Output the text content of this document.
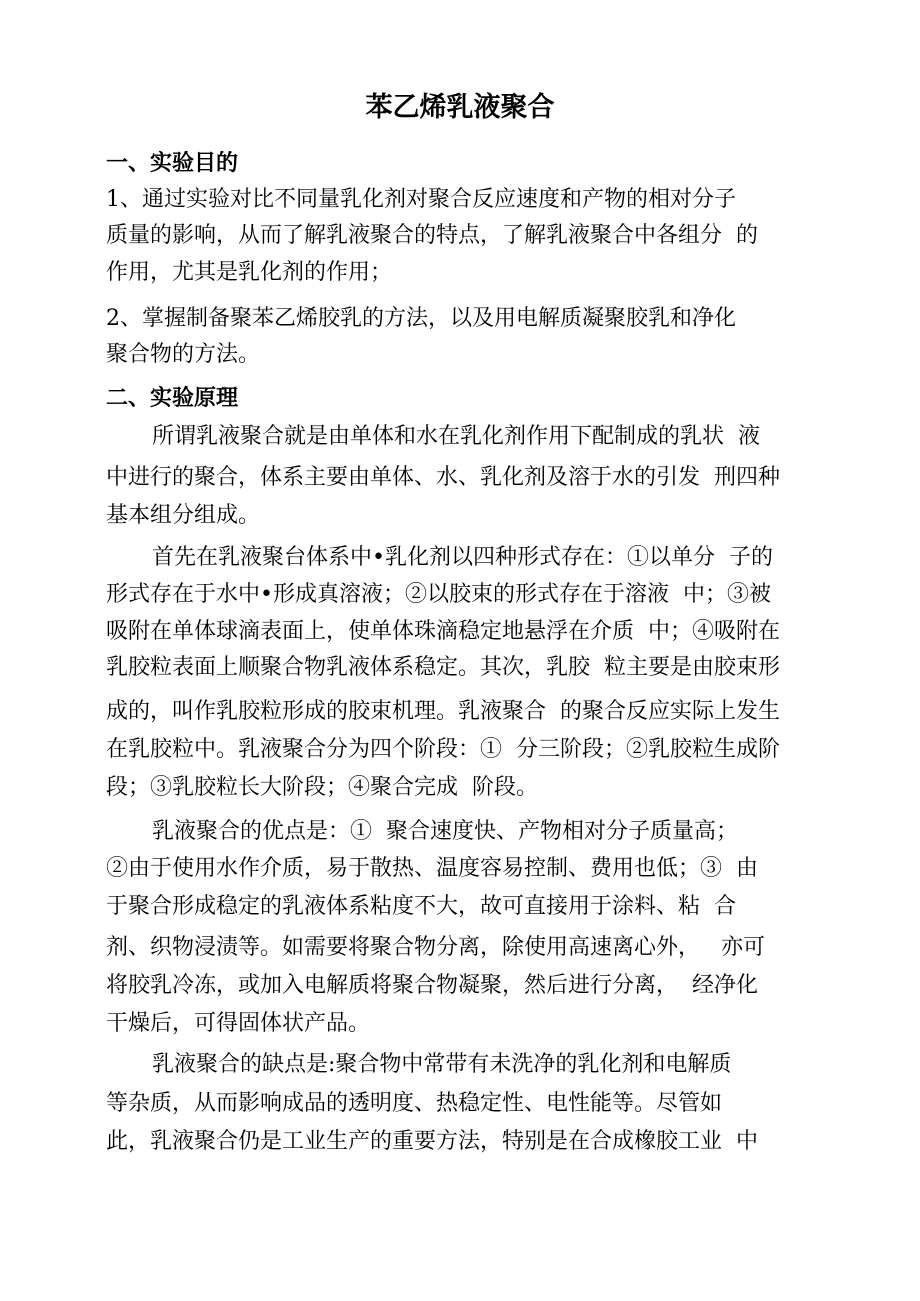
苯乙烯乳液聚合
一、实验目的
1、通过实验对比不同量乳化剂对聚合反应速度和产物的相对分子
质量的影响，从而了解乳液聚合的特点，了解乳液聚合中各组分  的
作用，尤其是乳化剂的作用；
2、掌握制备聚苯乙烯胶乳的方法，以及用电解质凝聚胶乳和净化
聚合物的方法。
二、实验原理
所谓乳液聚合就是由单体和水在乳化剂作用下配制成的乳状  液
中进行的聚合，体系主要由单体、水、乳化剂及溶于水的引发  刑四种
基本组分组成。
首先在乳液聚台体系中•乳化剂以四种形式存在：①以单分  子的
形式存在于水中•形成真溶液；②以胶束的形式存在于溶液  中；③被
吸附在单体球滴表面上，使单体珠滴稳定地悬浮在介质  中；④吸附在
乳胶粒表面上顺聚合物乳液体系稳定。其次，乳胶  粒主要是由胶束形
成的，叫作乳胶粒形成的胶束机理。乳液聚合  的聚合反应实际上发生
在乳胶粒中。乳液聚合分为四个阶段：①  分三阶段；②乳胶粒生成阶
段；③乳胶粒长大阶段；④聚合完成  阶段。
乳液聚合的优点是：①  聚合速度快、产物相对分子质量高；
②由于使用水作介质，易于散热、温度容易控制、费用也低；③  由
于聚合形成稳定的乳液体系粘度不大，故可直接用于涂料、粘  合
剂、织物浸渍等。如需要将聚合物分离，除使用高速离心外，   亦可
将胶乳冷冻，或加入电解质将聚合物凝聚，然后进行分离，  经净化
干燥后，可得固体状产品。
乳液聚合的缺点是:聚合物中常带有未洗净的乳化剂和电解质
等杂质，从而影响成品的透明度、热稳定性、电性能等。尽管如
此，乳液聚合仍是工业生产的重要方法，特别是在合成橡胶工业  中
